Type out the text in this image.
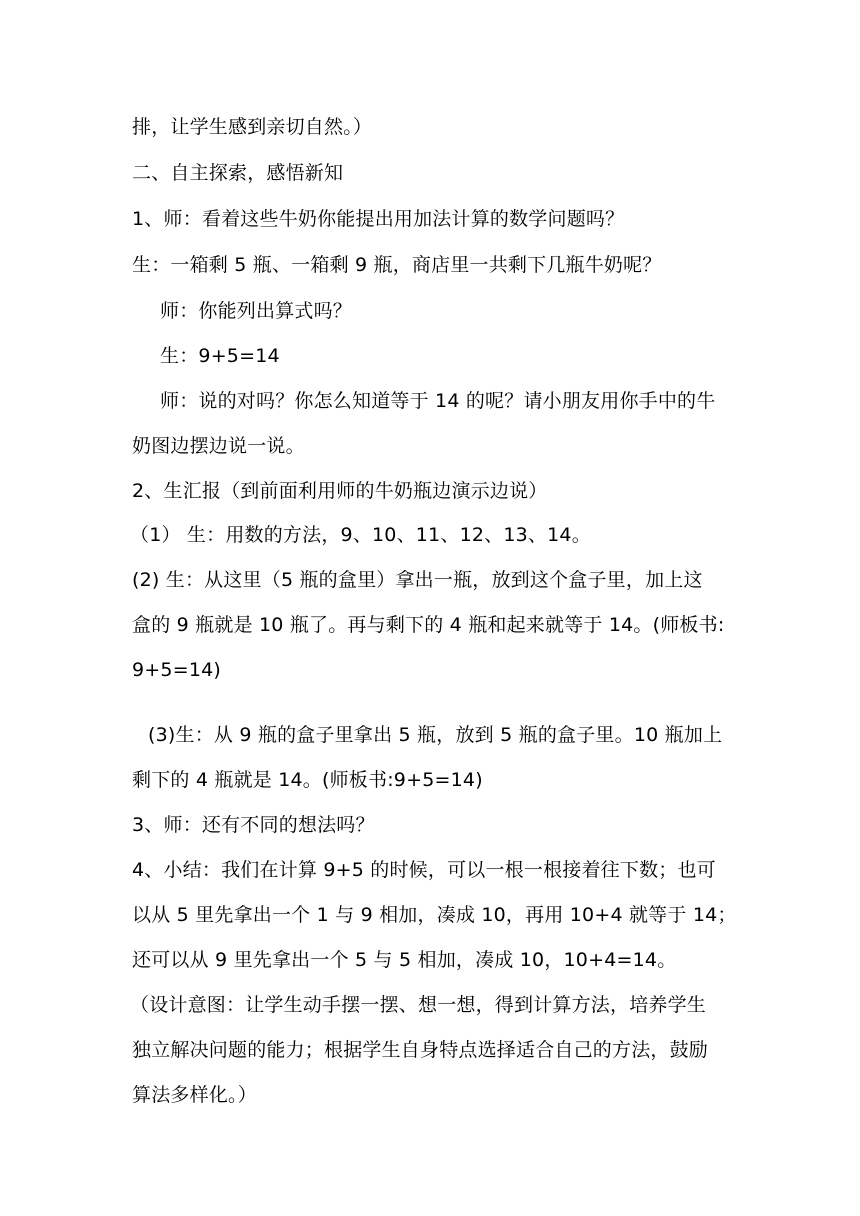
排，让学生感到亲切自然。）
二、自主探索，感悟新知
1、师：看着这些牛奶你能提出用加法计算的数学问题吗？
生：一箱剩 5 瓶、一箱剩 9 瓶，商店里一共剩下几瓶牛奶呢？
师：你能列出算式吗？
生：9+5=14
师：说的对吗？你怎么知道等于 14 的呢？请小朋友用你手中的牛
奶图边摆边说一说。
2、生汇报（到前面利用师的牛奶瓶边演示边说）
（1） 生：用数的方法，9、10、11、12、13、14。
(2) 生：从这里（5 瓶的盒里）拿出一瓶，放到这个盒子里，加上这
盒的 9 瓶就是 10 瓶了。再与剩下的 4 瓶和起来就等于 14。(师板书:
9+5=14)
(3)生：从 9 瓶的盒子里拿出 5 瓶，放到 5 瓶的盒子里。10 瓶加上
剩下的 4 瓶就是 14。(师板书:9+5=14)
3、师：还有不同的想法吗？
4、小结：我们在计算 9+5 的时候，可以一根一根接着往下数；也可
以从 5 里先拿出一个 1 与 9 相加，凑成 10，再用 10+4 就等于 14；
还可以从 9 里先拿出一个 5 与 5 相加，凑成 10，10+4=14。
（设计意图：让学生动手摆一摆、想一想，得到计算方法，培养学生
独立解决问题的能力；根据学生自身特点选择适合自己的方法，鼓励
算法多样化。）
